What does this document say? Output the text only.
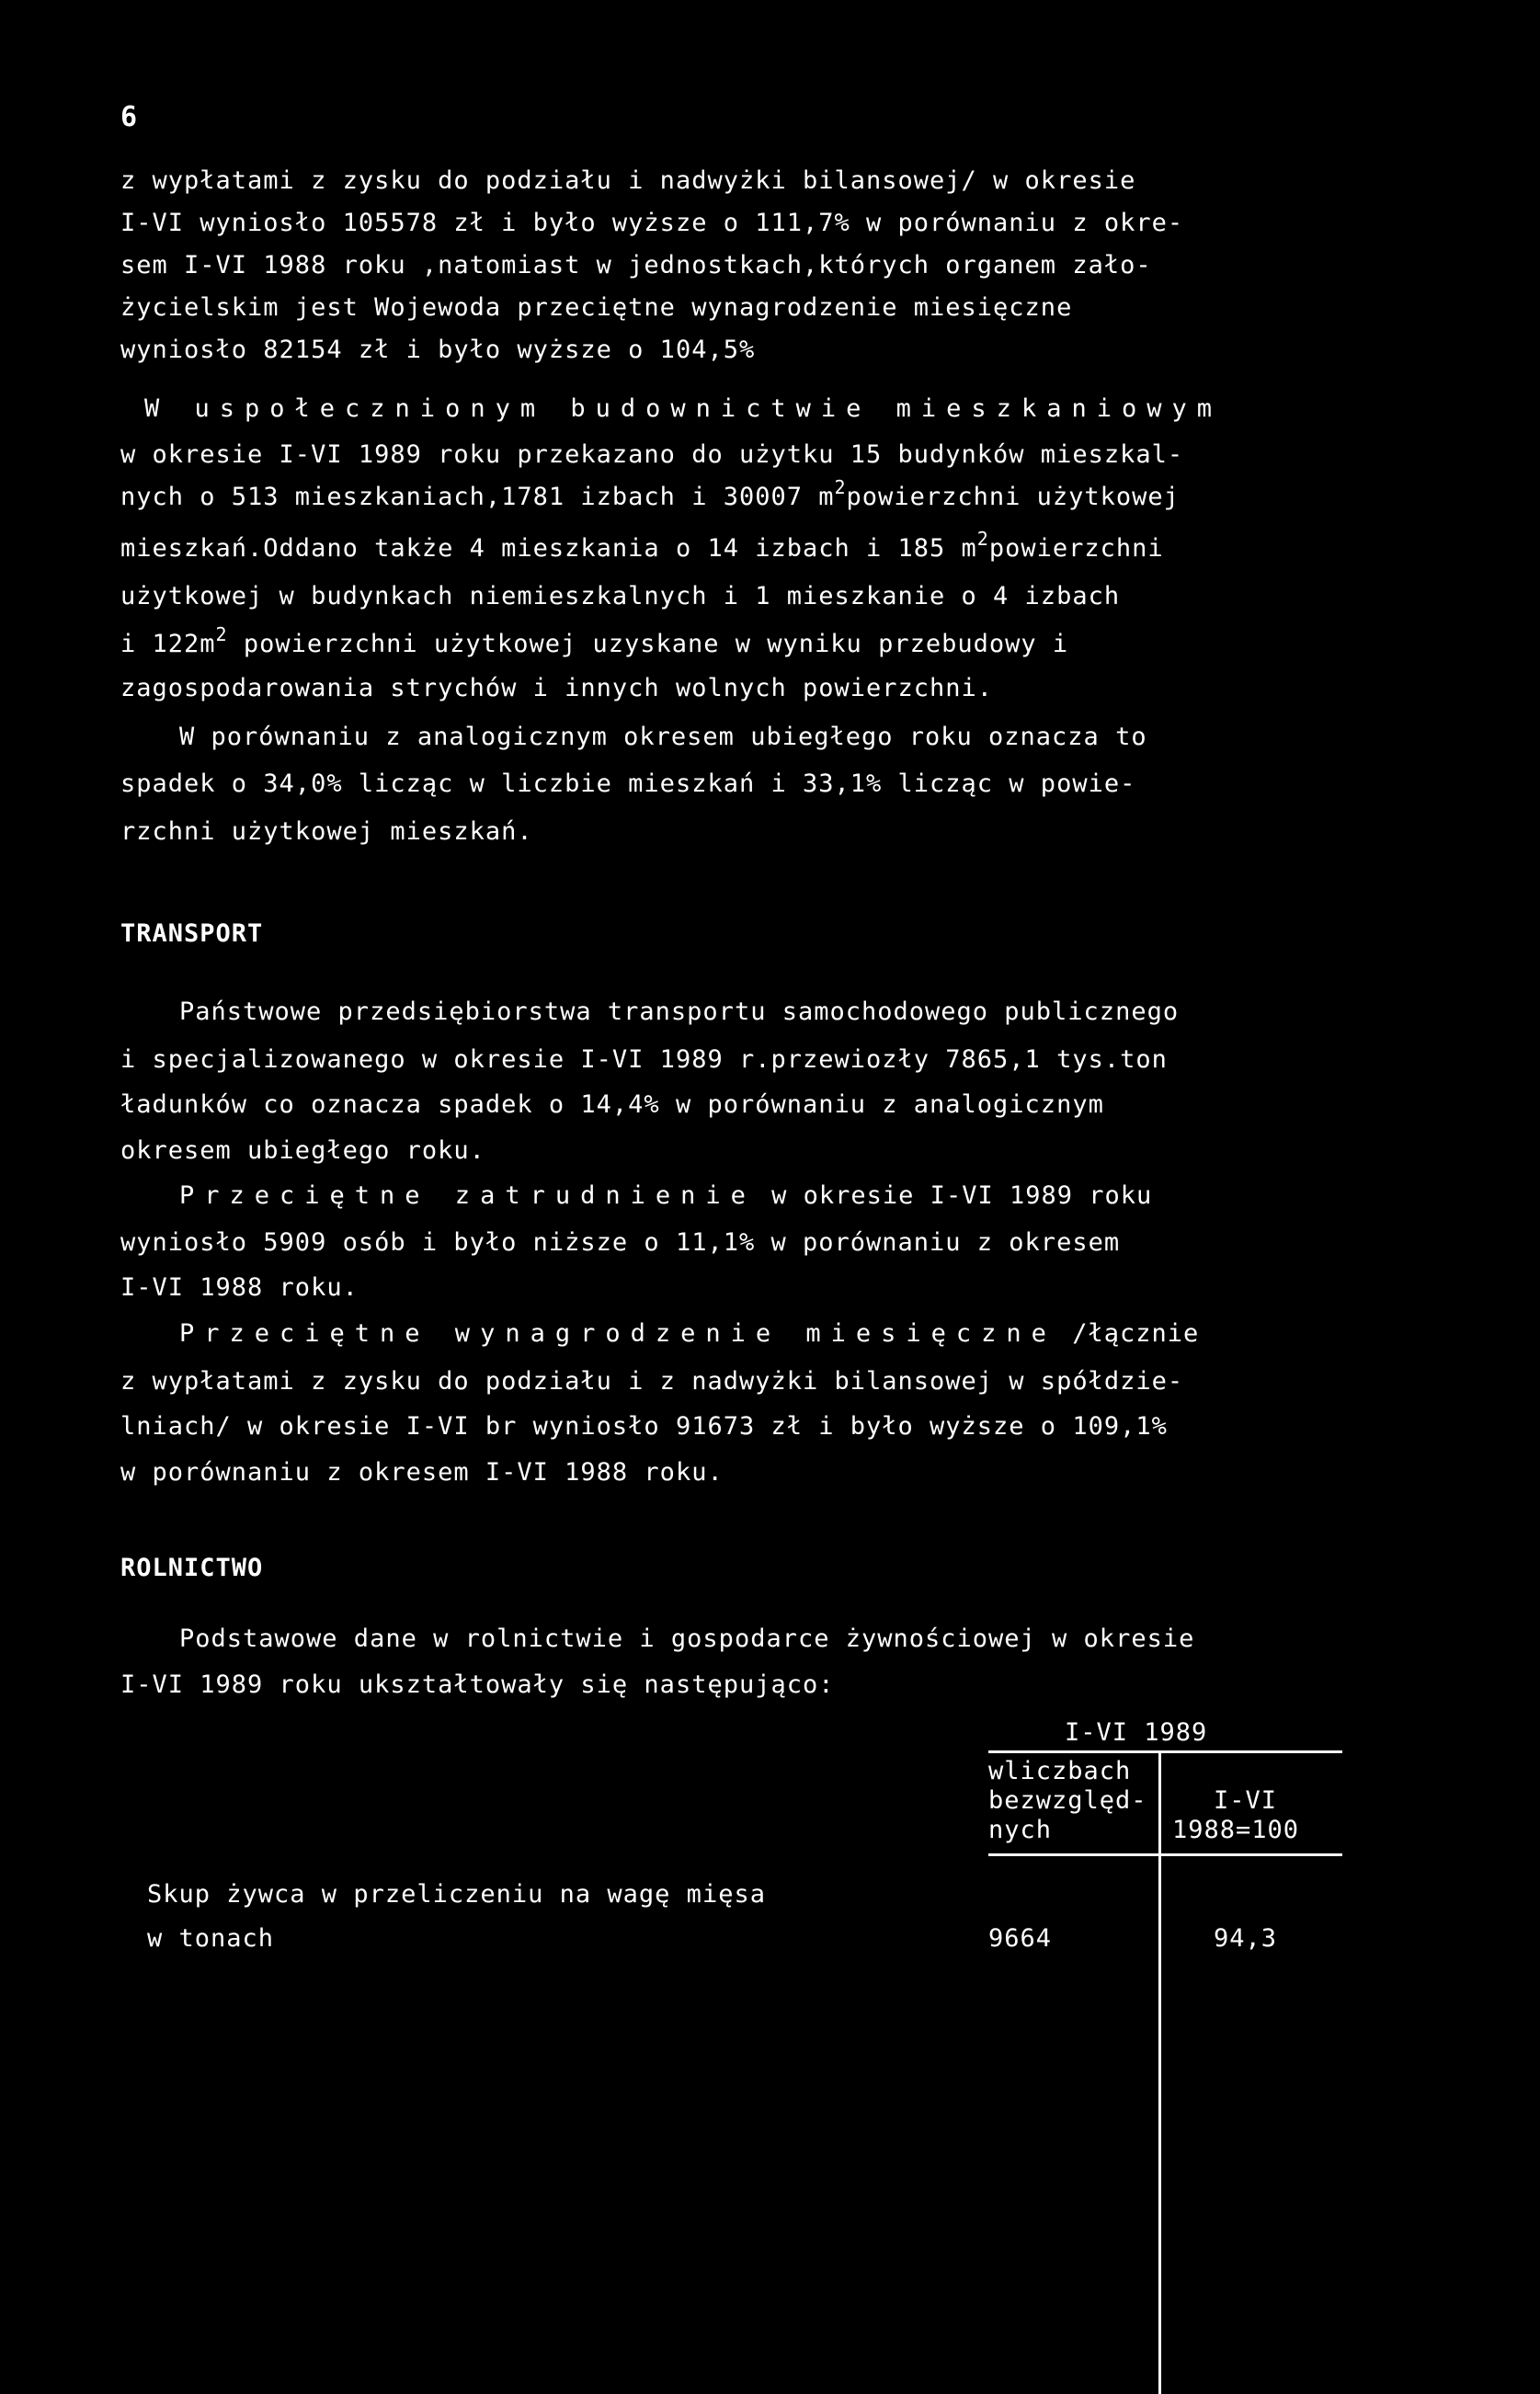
6
z wypłatami z zysku do podziału i nadwyżki bilansowej/ w okresie
I-VI wyniosło 105578 zł i było wyższe o 111,7% w porównaniu z okre-
sem I-VI 1988 roku ,natomiast w jednostkach,których organem zało-
życielskim jest Wojewoda przeciętne wynagrodzenie miesięczne
wyniosło 82154 zł i było wyższe o 104,5%
W uspołecznionym budownictwie mieszkaniowym
w okresie I-VI 1989 roku przekazano do użytku 15 budynków mieszkal-
nych o 513 mieszkaniach,1781 izbach i 30007 $m^2powierzchni$ użytkowej
mieszkań.Oddano także 4 mieszkania o 14 izbach i 185 $m^2powierzchni$
użytkowej w budynkach niemieszkalnych i 1 mieszkanie o 4 izbach
i $122m^2$ powierzchni użytkowej uzyskane w wyniku przebudowy i
zagospodarowania strychów i innych wolnych powierzchni.
W porównaniu z analogicznym okresem ubiegłego roku oznacza to
spadek o 34,0% licząc w liczbie mieszkań i 33,1% licząc w powie-
rzchni użytkowej mieszkań.
TRANSPORT
Państwowe przedsiębiorstwa transportu samochodowego publicznego
i specjalizowanego w okresie I-VI 1989 r.przewiozły 7865,1 tys.ton
ładunków co oznacza spadek o 14,4% w porównaniu z analogicznym
okresem ubiegłego roku.
Przeciętne zatrudnienie w okresie I-VI 1989 roku
wyniosło 5909 osób i było niższe o 11,1% w porównaniu z okresem
I-VI 1988 roku.
Przeciętne wynagrodzenie miesięczne /łącznie
z wypłatami z zysku do podziału i z nadwyżki bilansowej w spółdzie-
lniach/ w okresie I-VI br wyniosło 91673 zł i było wyższe o 109,1%
w porównaniu z okresem I-VI 1988 roku.
ROLNICTWO
Podstawowe dane w rolnictwie i gospodarce żywnościowej w okresie
I-VI 1989 roku ukształtowały się następująco:
I-VI 1989
wliczbach
bezwzględ-
nych
I-VI
1988=100
Skup żywca w przeliczeniu na wagę mięsa
w tonach	9664	94,3
